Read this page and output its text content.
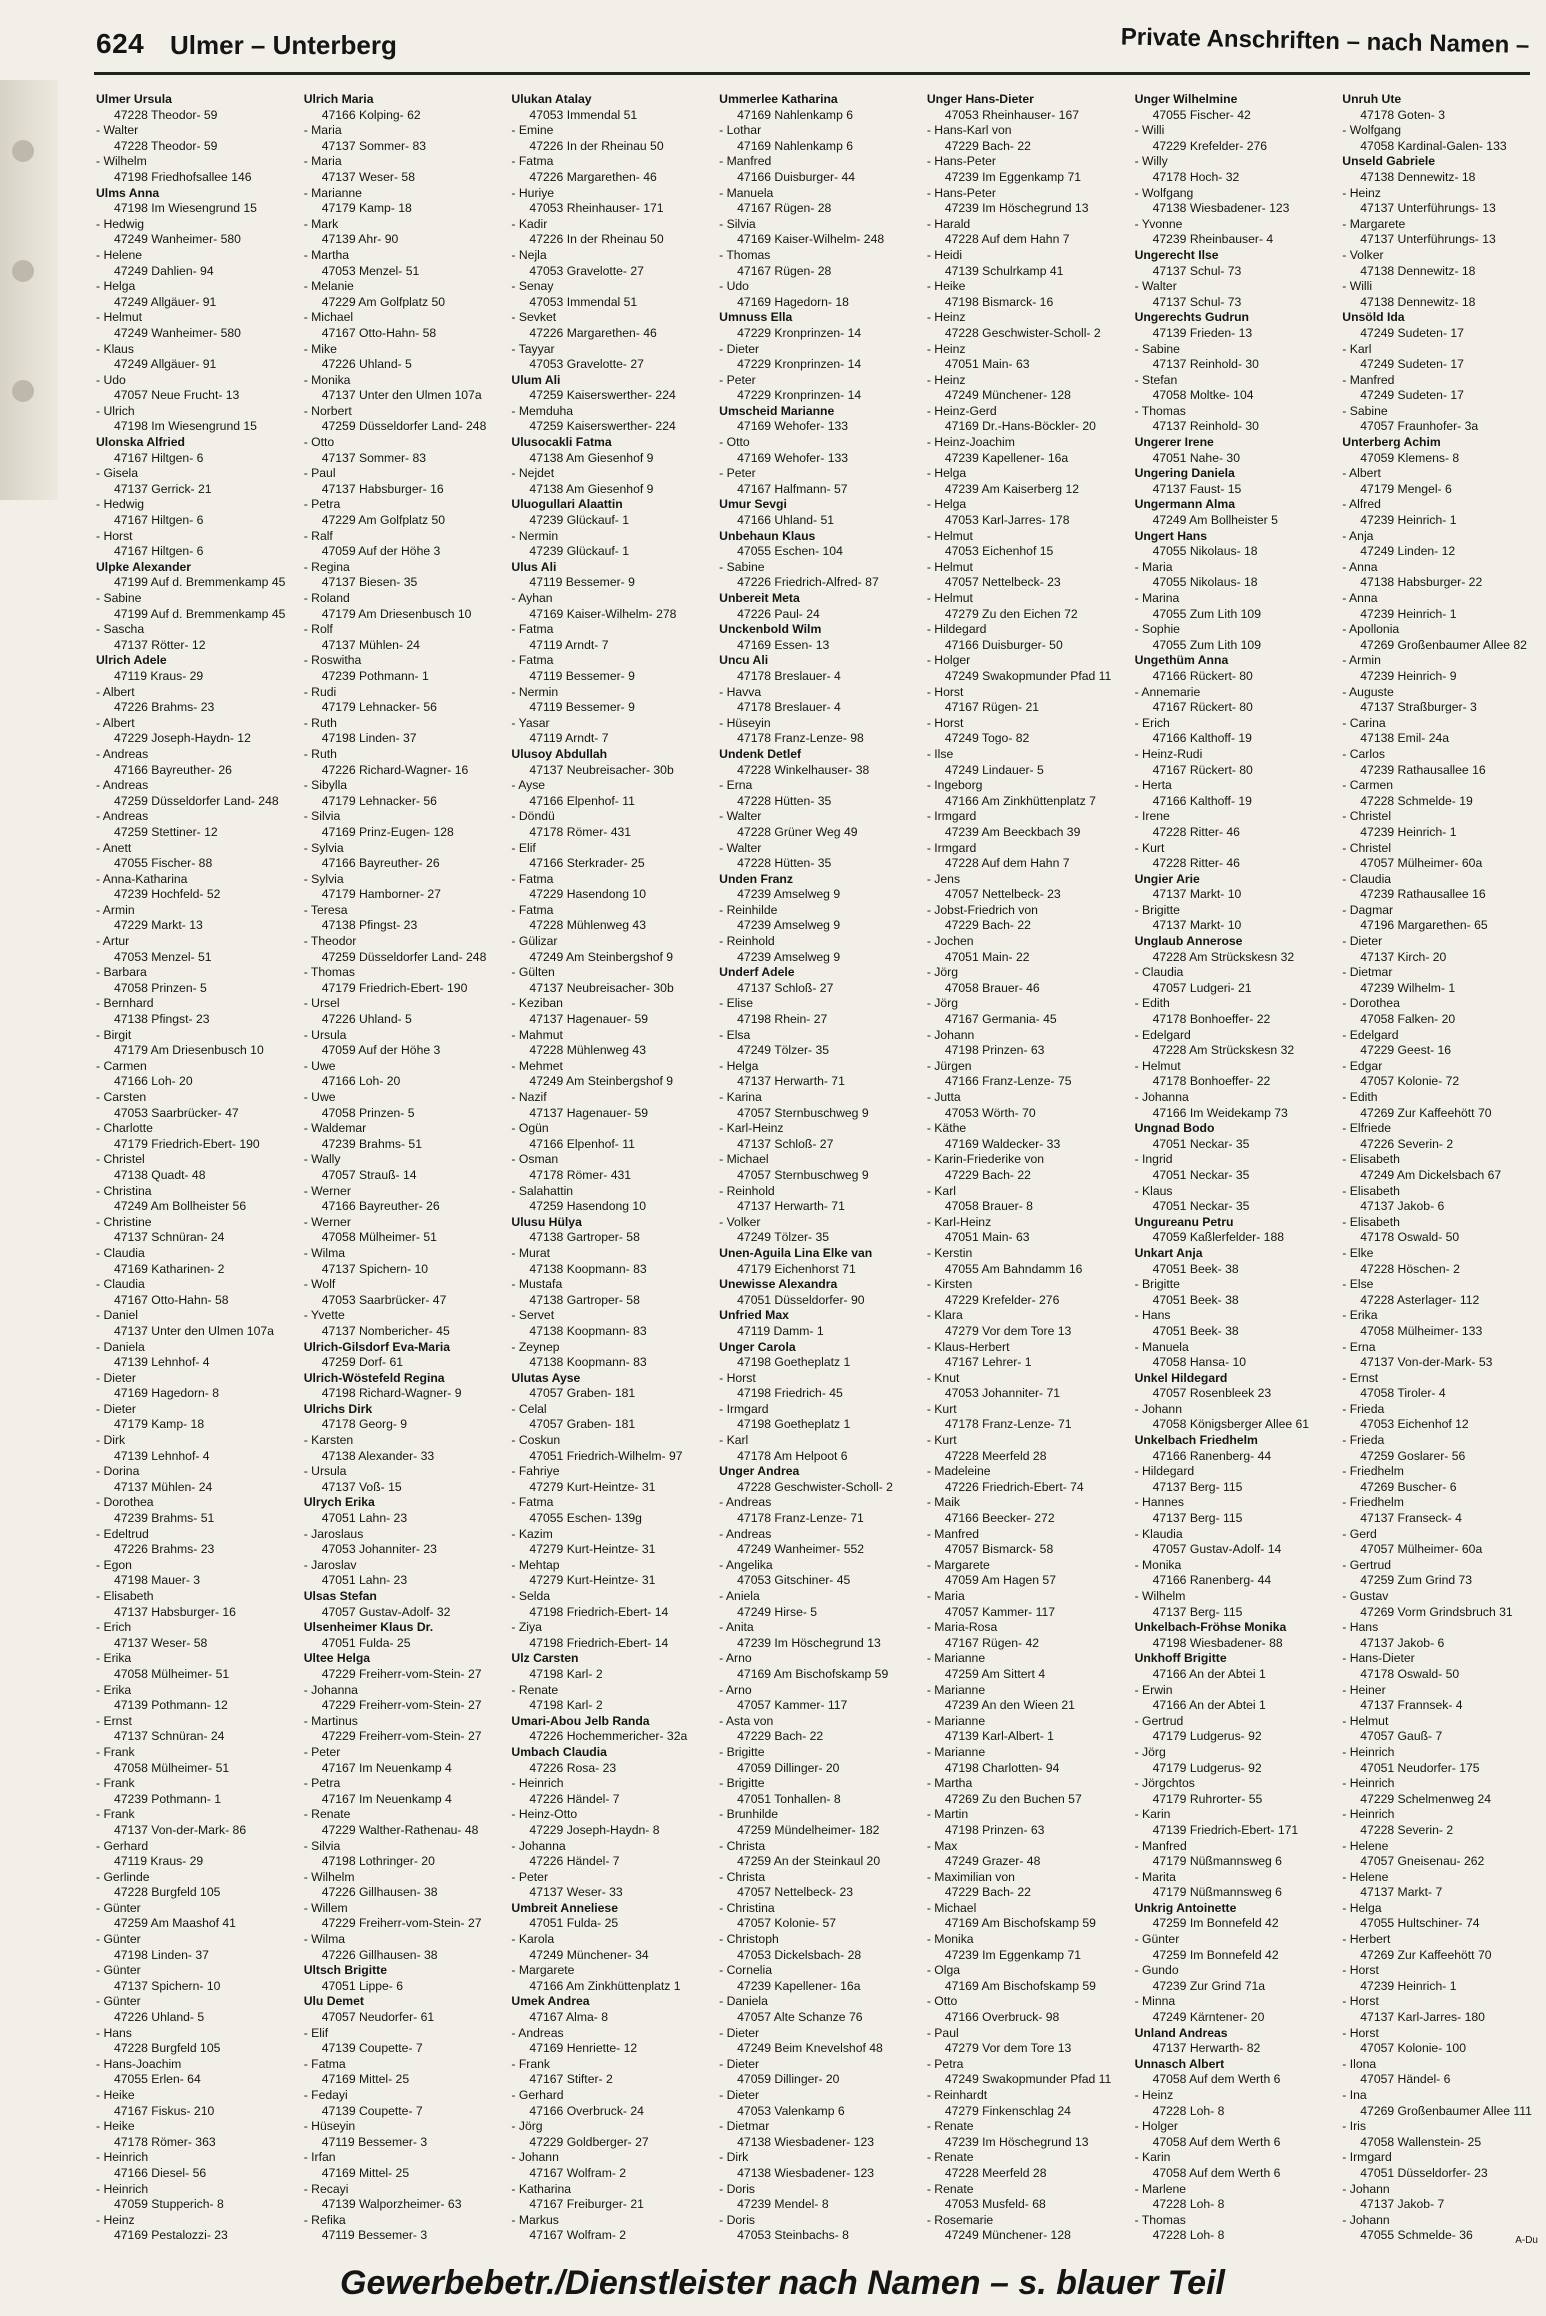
624 Ulmer – Unterberg	Private Anschriften – nach Namen –
Ulmer Ursula
47228 Theodor- 59
- Walter
47228 Theodor- 59
- Wilhelm
47198 Friedhofsallee 146
Ulms Anna
47198 Im Wiesengrund 15
- Hedwig
47249 Wanheimer- 580
- Helene
47249 Dahlien- 94
- Helga
47249 Allgäuer- 91
- Helmut
47249 Wanheimer- 580
- Klaus
47249 Allgäuer- 91
- Udo
47057 Neue Frucht- 13
- Ulrich
47198 Im Wiesengrund 15
Ulonska Alfried
47167 Hiltgen- 6
- Gisela
47137 Gerrick- 21
- Hedwig
47167 Hiltgen- 6
- Horst
47167 Hiltgen- 6
Ulpke Alexander
47199 Auf d. Bremmenkamp 45
- Sabine
47199 Auf d. Bremmenkamp 45
- Sascha
47137 Rötter- 12
Ulrich Adele
47119 Kraus- 29
- Albert
47226 Brahms- 23
- Albert
47229 Joseph-Haydn- 12
- Andreas
47166 Bayreuther- 26
- Andreas
47259 Düsseldorfer Land- 248
- Andreas
47259 Stettiner- 12
- Anett
47055 Fischer- 88
- Anna-Katharina
47239 Hochfeld- 52
- Armin
47229 Markt- 13
- Artur
47053 Menzel- 51
- Barbara
47058 Prinzen- 5
- Bernhard
47138 Pfingst- 23
- Birgit
47179 Am Driesenbusch 10
- Carmen
47166 Loh- 20
- Carsten
47053 Saarbrücker- 47
- Charlotte
47179 Friedrich-Ebert- 190
- Christel
47138 Quadt- 48
- Christina
47249 Am Bollheister 56
- Christine
47137 Schnüran- 24
- Claudia
47169 Katharinen- 2
- Claudia
47167 Otto-Hahn- 58
- Daniel
47137 Unter den Ulmen 107a
- Daniela
47139 Lehnhof- 4
- Dieter
47169 Hagedorn- 8
- Dieter
47179 Kamp- 18
- Dirk
47139 Lehnhof- 4
- Dorina
47137 Mühlen- 24
- Dorothea
47239 Brahms- 51
- Edeltrud
47226 Brahms- 23
- Egon
47198 Mauer- 3
- Elisabeth
47137 Habsburger- 16
- Erich
47137 Weser- 58
- Erika
47058 Mülheimer- 51
- Erika
47139 Pothmann- 12
- Ernst
47137 Schnüran- 24
- Frank
47058 Mülheimer- 51
- Frank
47239 Pothmann- 1
- Frank
47137 Von-der-Mark- 86
- Gerhard
47119 Kraus- 29
- Gerlinde
47228 Burgfeld 105
- Günter
47259 Am Maashof 41
- Günter
47198 Linden- 37
- Günter
47137 Spichern- 10
- Günter
47226 Uhland- 5
- Hans
47228 Burgfeld 105
- Hans-Joachim
47055 Erlen- 64
- Heike
47167 Fiskus- 210
- Heike
47178 Römer- 363
- Heinrich
47166 Diesel- 56
- Heinrich
47059 Stupperich- 8
- Heinz
47169 Pestalozzi- 23
Ulrich Maria
47166 Kolping- 62
- Maria
47137 Sommer- 83
- Maria
47137 Weser- 58
- Marianne
47179 Kamp- 18
- Mark
47139 Ahr- 90
- Martha
47053 Menzel- 51
- Melanie
47229 Am Golfplatz 50
- Michael
47167 Otto-Hahn- 58
- Mike
47226 Uhland- 5
- Monika
47137 Unter den Ulmen 107a
- Norbert
47259 Düsseldorfer Land- 248
- Otto
47137 Sommer- 83
- Paul
47137 Habsburger- 16
- Petra
47229 Am Golfplatz 50
- Ralf
47059 Auf der Höhe 3
- Regina
47137 Biesen- 35
- Roland
47179 Am Driesenbusch 10
- Rolf
47137 Mühlen- 24
- Roswitha
47239 Pothmann- 1
- Rudi
47179 Lehnacker- 56
- Ruth
47198 Linden- 37
- Ruth
47226 Richard-Wagner- 16
- Sibylla
47179 Lehnacker- 56
- Silvia
47169 Prinz-Eugen- 128
- Sylvia
47166 Bayreuther- 26
- Sylvia
47179 Hamborner- 27
- Teresa
47138 Pfingst- 23
- Theodor
47259 Düsseldorfer Land- 248
- Thomas
47179 Friedrich-Ebert- 190
- Ursel
47226 Uhland- 5
- Ursula
47059 Auf der Höhe 3
- Uwe
47166 Loh- 20
- Uwe
47058 Prinzen- 5
- Waldemar
47239 Brahms- 51
- Wally
47057 Strauß- 14
- Werner
47166 Bayreuther- 26
- Werner
47058 Mülheimer- 51
- Wilma
47137 Spichern- 10
- Wolf
47053 Saarbrücker- 47
- Yvette
47137 Nombericher- 45
Ulrich-Gilsdorf Eva-Maria
47259 Dorf- 61
Ulrich-Wöstefeld Regina
47198 Richard-Wagner- 9
Ulrichs Dirk
47178 Georg- 9
- Karsten
47138 Alexander- 33
- Ursula
47137 Voß- 15
Ulrych Erika
47051 Lahn- 23
- Jaroslaus
47053 Johanniter- 23
- Jaroslav
47051 Lahn- 23
Ulsas Stefan
47057 Gustav-Adolf- 32
Ulsenheimer Klaus Dr.
47051 Fulda- 25
Ultee Helga
47229 Freiherr-vom-Stein- 27
- Johanna
47229 Freiherr-vom-Stein- 27
- Martinus
47229 Freiherr-vom-Stein- 27
- Peter
47167 Im Neuenkamp 4
- Petra
47167 Im Neuenkamp 4
- Renate
47229 Walther-Rathenau- 48
- Silvia
47198 Lothringer- 20
- Wilhelm
47226 Gillhausen- 38
- Willem
47229 Freiherr-vom-Stein- 27
- Wilma
47226 Gillhausen- 38
Ultsch Brigitte
47051 Lippe- 6
Ulu Demet
47057 Neudorfer- 61
- Elif
47139 Coupette- 7
- Fatma
47169 Mittel- 25
- Fedayi
47139 Coupette- 7
- Hüseyin
47119 Bessemer- 3
- Irfan
47169 Mittel- 25
- Recayi
47139 Walporzheimer- 63
- Refika
47119 Bessemer- 3
Ulukan Atalay
47053 Immendal 51
- Emine
47226 In der Rheinau 50
- Fatma
47226 Margarethen- 46
- Huriye
47053 Rheinhauser- 171
- Kadir
47226 In der Rheinau 50
- Nejla
47053 Gravelotte- 27
- Senay
47053 Immendal 51
- Sevket
47226 Margarethen- 46
- Tayyar
47053 Gravelotte- 27
Ulum Ali
47259 Kaiserswerther- 224
- Memduha
47259 Kaiserswerther- 224
Ulusocakli Fatma
47138 Am Giesenhof 9
- Nejdet
47138 Am Giesenhof 9
Uluogullari Alaattin
47239 Glückauf- 1
- Nermin
47239 Glückauf- 1
Ulus Ali
47119 Bessemer- 9
- Ayhan
47169 Kaiser-Wilhelm- 278
- Fatma
47119 Arndt- 7
- Fatma
47119 Bessemer- 9
- Nermin
47119 Bessemer- 9
- Yasar
47119 Arndt- 7
Ulusoy Abdullah
47137 Neubreisacher- 30b
- Ayse
47166 Elpenhof- 11
- Döndü
47178 Römer- 431
- Elif
47166 Sterkrader- 25
- Fatma
47229 Hasendong 10
- Fatma
47228 Mühlenweg 43
- Gülizar
47249 Am Steinbergshof 9
- Gülten
47137 Neubreisacher- 30b
- Keziban
47137 Hagenauer- 59
- Mahmut
47228 Mühlenweg 43
- Mehmet
47249 Am Steinbergshof 9
- Nazif
47137 Hagenauer- 59
- Ogün
47166 Elpenhof- 11
- Osman
47178 Römer- 431
- Salahattin
47259 Hasendong 10
Ulusu Hülya
47138 Gartroper- 58
- Murat
47138 Koopmann- 83
- Mustafa
47138 Gartroper- 58
- Servet
47138 Koopmann- 83
- Zeynep
47138 Koopmann- 83
Ulutas Ayse
47057 Graben- 181
- Celal
47057 Graben- 181
- Coskun
47051 Friedrich-Wilhelm- 97
- Fahriye
47279 Kurt-Heintze- 31
- Fatma
47055 Eschen- 139g
- Kazim
47279 Kurt-Heintze- 31
- Mehtap
47279 Kurt-Heintze- 31
- Selda
47198 Friedrich-Ebert- 14
- Ziya
47198 Friedrich-Ebert- 14
Ulz Carsten
47198 Karl- 2
- Renate
47198 Karl- 2
Umari-Abou Jelb Randa
47226 Hochemmericher- 32a
Umbach Claudia
47226 Rosa- 23
- Heinrich
47226 Händel- 7
- Heinz-Otto
47229 Joseph-Haydn- 8
- Johanna
47226 Händel- 7
- Peter
47137 Weser- 33
Umbreit Anneliese
47051 Fulda- 25
- Karola
47249 Münchener- 34
- Margarete
47166 Am Zinkhüttenplatz 1
Umek Andrea
47167 Alma- 8
- Andreas
47169 Henriette- 12
- Frank
47167 Stifter- 2
- Gerhard
47166 Overbruck- 24
- Jörg
47229 Goldberger- 27
- Johann
47167 Wolfram- 2
- Katharina
47167 Freiburger- 21
- Markus
47167 Wolfram- 2
Ummerlee Katharina
47169 Nahlenkamp 6
- Lothar
47169 Nahlenkamp 6
- Manfred
47166 Duisburger- 44
- Manuela
47167 Rügen- 28
- Silvia
47169 Kaiser-Wilhelm- 248
- Thomas
47167 Rügen- 28
- Udo
47169 Hagedorn- 18
Umnuss Ella
47229 Kronprinzen- 14
- Dieter
47229 Kronprinzen- 14
- Peter
47229 Kronprinzen- 14
Umscheid Marianne
47169 Wehofer- 133
- Otto
47169 Wehofer- 133
- Peter
47167 Halfmann- 57
Umur Sevgi
47166 Uhland- 51
Unbehaun Klaus
47055 Eschen- 104
- Sabine
47226 Friedrich-Alfred- 87
Unbereit Meta
47226 Paul- 24
Unckenbold Wilm
47169 Essen- 13
Uncu Ali
47178 Breslauer- 4
- Havva
47178 Breslauer- 4
- Hüseyin
47178 Franz-Lenze- 98
Undenk Detlef
47228 Winkelhauser- 38
- Erna
47228 Hütten- 35
- Walter
47228 Grüner Weg 49
- Walter
47228 Hütten- 35
Unden Franz
47239 Amselweg 9
- Reinhilde
47239 Amselweg 9
- Reinhold
47239 Amselweg 9
Underf Adele
47137 Schloß- 27
- Elise
47198 Rhein- 27
- Elsa
47249 Tölzer- 35
- Helga
47137 Herwarth- 71
- Karina
47057 Sternbuschweg 9
- Karl-Heinz
47137 Schloß- 27
- Michael
47057 Sternbuschweg 9
- Reinhold
47137 Herwarth- 71
- Volker
47249 Tölzer- 35
Unen-Aguila Lina Elke van
47179 Eichenhorst 71
Unewisse Alexandra
47051 Düsseldorfer- 90
Unfried Max
47119 Damm- 1
Unger Carola
47198 Goetheplatz 1
- Horst
47198 Friedrich- 45
- Irmgard
47198 Goetheplatz 1
- Karl
47178 Am Helpoot 6
Unger Andrea
47228 Geschwister-Scholl- 2
- Andreas
47178 Franz-Lenze- 71
- Andreas
47249 Wanheimer- 552
- Angelika
47053 Gitschiner- 45
- Aniela
47249 Hirse- 5
- Anita
47239 Im Höschegrund 13
- Arno
47169 Am Bischofskamp 59
- Arno
47057 Kammer- 117
- Asta von
47229 Bach- 22
- Brigitte
47059 Dillinger- 20
- Brigitte
47051 Tonhallen- 8
- Brunhilde
47259 Mündelheimer- 182
- Christa
47259 An der Steinkaul 20
- Christa
47057 Nettelbeck- 23
- Christina
47057 Kolonie- 57
- Christoph
47053 Dickelsbach- 28
- Cornelia
47239 Kapellener- 16a
- Daniela
47057 Alte Schanze 76
- Dieter
47249 Beim Knevelshof 48
- Dieter
47059 Dillinger- 20
- Dieter
47053 Valenkamp 6
- Dietmar
47138 Wiesbadener- 123
- Dirk
47138 Wiesbadener- 123
- Doris
47239 Mendel- 8
- Doris
47053 Steinbachs- 8
Unger Hans-Dieter
47053 Rheinhauser- 167
- Hans-Karl von
47229 Bach- 22
- Hans-Peter
47239 Im Eggenkamp 71
- Hans-Peter
47239 Im Höschegrund 13
- Harald
47228 Auf dem Hahn 7
- Heidi
47139 Schulrkamp 41
- Heike
47198 Bismarck- 16
- Heinz
47228 Geschwister-Scholl- 2
- Heinz
47051 Main- 63
- Heinz
47249 Münchener- 128
- Heinz-Gerd
47169 Dr.-Hans-Böckler- 20
- Heinz-Joachim
47239 Kapellener- 16a
- Helga
47239 Am Kaiserberg 12
- Helga
47053 Karl-Jarres- 178
- Helmut
47053 Eichenhof 15
- Helmut
47057 Nettelbeck- 23
- Helmut
47279 Zu den Eichen 72
- Hildegard
47166 Duisburger- 50
- Holger
47249 Swakopmunder Pfad 11
- Horst
47167 Rügen- 21
- Horst
47249 Togo- 82
- Ilse
47249 Lindauer- 5
- Ingeborg
47166 Am Zinkhüttenplatz 7
- Irmgard
47239 Am Beeckbach 39
- Irmgard
47228 Auf dem Hahn 7
- Jens
47057 Nettelbeck- 23
- Jobst-Friedrich von
47229 Bach- 22
- Jochen
47051 Main- 22
- Jörg
47058 Brauer- 46
- Jörg
47167 Germania- 45
- Johann
47198 Prinzen- 63
- Jürgen
47166 Franz-Lenze- 75
- Jutta
47053 Wörth- 70
- Käthe
47169 Waldecker- 33
- Karin-Friederike von
47229 Bach- 22
- Karl
47058 Brauer- 8
- Karl-Heinz
47051 Main- 63
- Kerstin
47055 Am Bahndamm 16
- Kirsten
47229 Krefelder- 276
- Klara
47279 Vor dem Tore 13
- Klaus-Herbert
47167 Lehrer- 1
- Knut
47053 Johanniter- 71
- Kurt
47178 Franz-Lenze- 71
- Kurt
47228 Meerfeld 28
- Madeleine
47226 Friedrich-Ebert- 74
- Maik
47166 Beecker- 272
- Manfred
47057 Bismarck- 58
- Margarete
47059 Am Hagen 57
- Maria
47057 Kammer- 117
- Maria-Rosa
47167 Rügen- 42
- Marianne
47259 Am Sittert 4
- Marianne
47239 An den Wieen 21
- Marianne
47139 Karl-Albert- 1
- Marianne
47198 Charlotten- 94
- Martha
47269 Zu den Buchen 57
- Martin
47198 Prinzen- 63
- Max
47249 Grazer- 48
- Maximilian von
47229 Bach- 22
- Michael
47169 Am Bischofskamp 59
- Monika
47239 Im Eggenkamp 71
- Olga
47169 Am Bischofskamp 59
- Otto
47166 Overbruck- 98
- Paul
47279 Vor dem Tore 13
- Petra
47249 Swakopmunder Pfad 11
- Reinhardt
47279 Finkenschlag 24
- Renate
47239 Im Höschegrund 13
- Renate
47228 Meerfeld 28
- Renate
47053 Musfeld- 68
- Rosemarie
47249 Münchener- 128
Unger Wilhelmine
47055 Fischer- 42
- Willi
47229 Krefelder- 276
- Willy
47178 Hoch- 32
- Wolfgang
47138 Wiesbadener- 123
- Yvonne
47239 Rheinbauser- 4
Ungerecht Ilse
47137 Schul- 73
- Walter
47137 Schul- 73
Ungerechts Gudrun
47139 Frieden- 13
- Sabine
47137 Reinhold- 30
- Stefan
47058 Moltke- 104
- Thomas
47137 Reinhold- 30
Ungerer Irene
47051 Nahe- 30
Ungering Daniela
47137 Faust- 15
Ungermann Alma
47249 Am Bollheister 5
Ungert Hans
47055 Nikolaus- 18
- Maria
47055 Nikolaus- 18
- Marina
47055 Zum Lith 109
- Sophie
47055 Zum Lith 109
Ungethüm Anna
47166 Rückert- 80
- Annemarie
47167 Rückert- 80
- Erich
47166 Kalthoff- 19
- Heinz-Rudi
47167 Rückert- 80
- Herta
47166 Kalthoff- 19
- Irene
47228 Ritter- 46
- Kurt
47228 Ritter- 46
Ungier Arie
47137 Markt- 10
- Brigitte
47137 Markt- 10
Unglaub Annerose
47228 Am Strückskesn 32
- Claudia
47057 Ludgeri- 21
- Edith
47178 Bonhoeffer- 22
- Edelgard
47228 Am Strückskesn 32
- Helmut
47178 Bonhoeffer- 22
- Johanna
47166 Im Weidekamp 73
Ungnad Bodo
47051 Neckar- 35
- Ingrid
47051 Neckar- 35
- Klaus
47051 Neckar- 35
Ungureanu Petru
47059 Kaßlerfelder- 188
Unkart Anja
47051 Beek- 38
- Brigitte
47051 Beek- 38
- Hans
47051 Beek- 38
- Manuela
47058 Hansa- 10
Unkel Hildegard
47057 Rosenbleek 23
- Johann
47058 Königsberger Allee 61
Unkelbach Friedhelm
47166 Ranenberg- 44
- Hildegard
47137 Berg- 115
- Hannes
47137 Berg- 115
- Klaudia
47057 Gustav-Adolf- 14
- Monika
47166 Ranenberg- 44
- Wilhelm
47137 Berg- 115
Unkelbach-Fröhse Monika
47198 Wiesbadener- 88
Unkhoff Brigitte
47166 An der Abtei 1
- Erwin
47166 An der Abtei 1
- Gertrud
47179 Ludgerus- 92
- Jörg
47179 Ludgerus- 92
- Jörgchtos
47179 Ruhrorter- 55
- Karin
47139 Friedrich-Ebert- 171
- Manfred
47179 Nüßmannsweg 6
- Marita
47179 Nüßmannsweg 6
Unkrig Antoinette
47259 Im Bonnefeld 42
- Günter
47259 Im Bonnefeld 42
- Gundo
47239 Zur Grind 71a
- Minna
47249 Kärntener- 20
Unland Andreas
47137 Herwarth- 82
Unnasch Albert
47058 Auf dem Werth 6
- Heinz
47228 Loh- 8
- Holger
47058 Auf dem Werth 6
- Karin
47058 Auf dem Werth 6
- Marlene
47228 Loh- 8
- Thomas
47228 Loh- 8
Unruh Ute
47178 Goten- 3
- Wolfgang
47058 Kardinal-Galen- 133
Unseld Gabriele
47138 Dennewitz- 18
- Heinz
47137 Unterführungs- 13
- Margarete
47137 Unterführungs- 13
- Volker
47138 Dennewitz- 18
- Willi
47138 Dennewitz- 18
Unsöld Ida
47249 Sudeten- 17
- Karl
47249 Sudeten- 17
- Manfred
47249 Sudeten- 17
- Sabine
47057 Fraunhofer- 3a
Unterberg Achim
47059 Klemens- 8
- Albert
47179 Mengel- 6
- Alfred
47239 Heinrich- 1
- Anja
47249 Linden- 12
- Anna
47138 Habsburger- 22
- Anna
47239 Heinrich- 1
- Apollonia
47269 Großenbaumer Allee 82
- Armin
47239 Heinrich- 9
- Auguste
47137 Straßburger- 3
- Carina
47138 Emil- 24a
- Carlos
47239 Rathausallee 16
- Carmen
47228 Schmelde- 19
- Christel
47239 Heinrich- 1
- Christel
47057 Mülheimer- 60a
- Claudia
47239 Rathausallee 16
- Dagmar
47196 Margarethen- 65
- Dieter
47137 Kirch- 20
- Dietmar
47239 Wilhelm- 1
- Dorothea
47058 Falken- 20
- Edelgard
47229 Geest- 16
- Edgar
47057 Kolonie- 72
- Edith
47269 Zur Kaffeehött 70
- Elfriede
47226 Severin- 2
- Elisabeth
47249 Am Dickelsbach 67
- Elisabeth
47137 Jakob- 6
- Elisabeth
47178 Oswald- 50
- Elke
47228 Höschen- 2
- Else
47228 Asterlager- 112
- Erika
47058 Mülheimer- 133
- Erna
47137 Von-der-Mark- 53
- Ernst
47058 Tiroler- 4
- Frieda
47053 Eichenhof 12
- Frieda
47259 Goslarer- 56
- Friedhelm
47269 Buscher- 6
- Friedhelm
47137 Franseck- 4
- Gerd
47057 Mülheimer- 60a
- Gertrud
47259 Zum Grind 73
- Gustav
47269 Vorm Grindsbruch 31
- Hans
47137 Jakob- 6
- Hans-Dieter
47178 Oswald- 50
- Heiner
47137 Frannsek- 4
- Helmut
47057 Gauß- 7
- Heinrich
47051 Neudorfer- 175
- Heinrich
47229 Schelmenweg 24
- Heinrich
47228 Severin- 2
- Helene
47057 Gneisenau- 262
- Helene
47137 Markt- 7
- Helga
47055 Hultschiner- 74
- Herbert
47269 Zur Kaffeehött 70
- Horst
47239 Heinrich- 1
- Horst
47137 Karl-Jarres- 180
- Horst
47057 Kolonie- 100
- Ilona
47057 Händel- 6
- Ina
47269 Großenbaumer Allee 111
- Iris
47058 Wallenstein- 25
- Irmgard
47051 Düsseldorfer- 23
- Johann
47137 Jakob- 7
- Johann
47055 Schmelde- 36	A-Du
Gewerbebetr./Dienstleister nach Namen – s. blauer Teil
